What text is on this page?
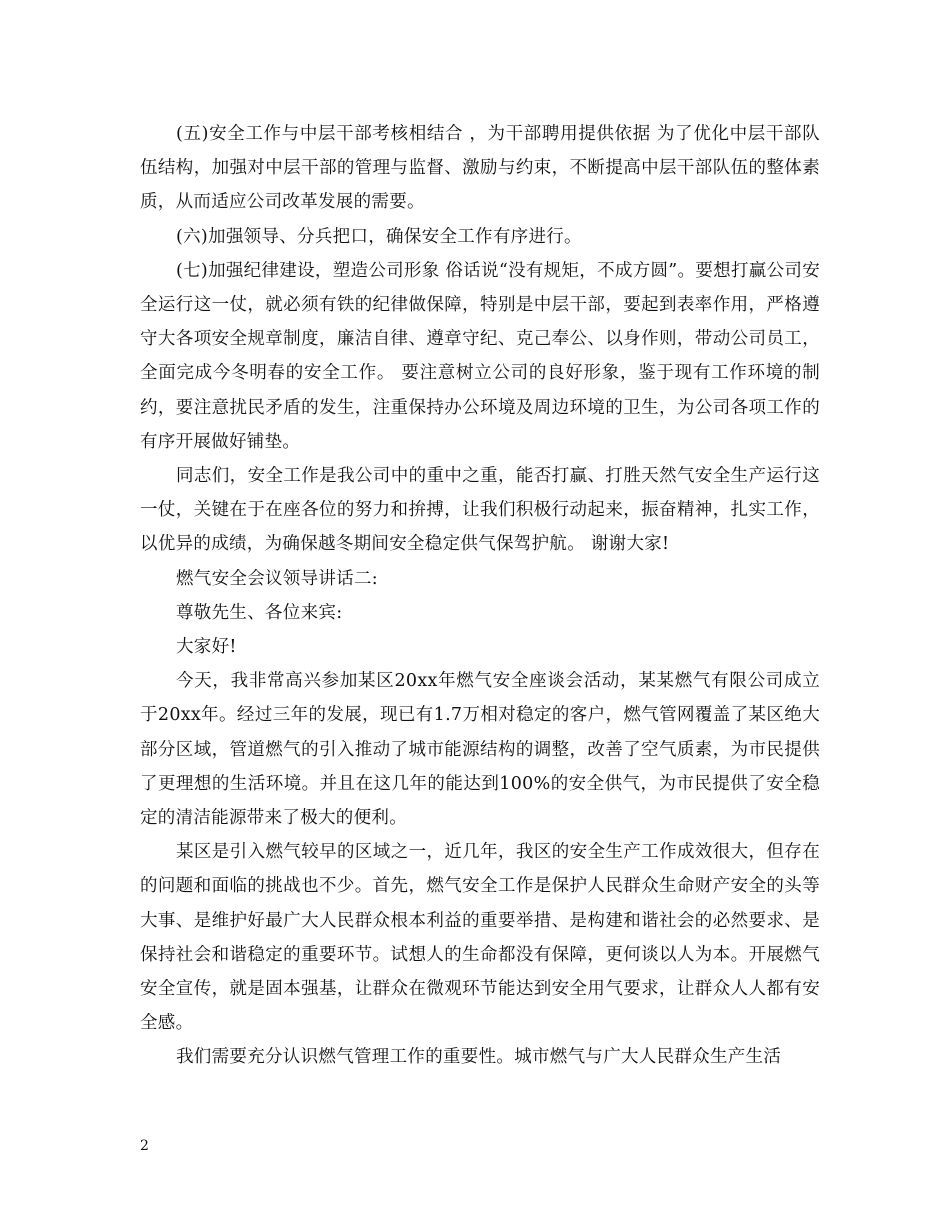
(五)安全工作与中层干部考核相结合 ，为干部聘用提供依据 为了优化中层干部队伍结构，加强对中层干部的管理与监督、激励与约束，不断提高中层干部队伍的整体素质，从而适应公司改革发展的需要。

(六)加强领导、分兵把口，确保安全工作有序进行。

(七)加强纪律建设，塑造公司形象 俗话说“没有规矩，不成方圆”。要想打赢公司安全运行这一仗，就必须有铁的纪律做保障，特别是中层干部，要起到表率作用，严格遵守大各项安全规章制度，廉洁自律、遵章守纪、克己奉公、以身作则，带动公司员工，全面完成今冬明春的安全工作。 要注意树立公司的良好形象，鉴于现有工作环境的制约，要注意扰民矛盾的发生，注重保持办公环境及周边环境的卫生，为公司各项工作的有序开展做好铺垫。

同志们，安全工作是我公司中的重中之重，能否打赢、打胜天然气安全生产运行这一仗，关键在于在座各位的努力和拚搏，让我们积极行动起来，振奋精神，扎实工作，以优异的成绩，为确保越冬期间安全稳定供气保驾护航。 谢谢大家!

燃气安全会议领导讲话二:

尊敬先生、各位来宾:

大家好!

今天，我非常高兴参加某区20xx年燃气安全座谈会活动，某某燃气有限公司成立于20xx年。经过三年的发展，现已有1.7万相对稳定的客户，燃气管网覆盖了某区绝大部分区域，管道燃气的引入推动了城市能源结构的调整，改善了空气质素，为市民提供了更理想的生活环境。并且在这几年的能达到100%的安全供气，为市民提供了安全稳定的清洁能源带来了极大的便利。

某区是引入燃气较早的区域之一，近几年，我区的安全生产工作成效很大，但存在的问题和面临的挑战也不少。首先，燃气安全工作是保护人民群众生命财产安全的头等大事、是维护好最广大人民群众根本利益的重要举措、是构建和谐社会的必然要求、是保持社会和谐稳定的重要环节。试想人的生命都没有保障，更何谈以人为本。开展燃气安全宣传，就是固本强基，让群众在微观环节能达到安全用气要求，让群众人人都有安全感。

我们需要充分认识燃气管理工作的重要性。城市燃气与广大人民群众生产生活

2
